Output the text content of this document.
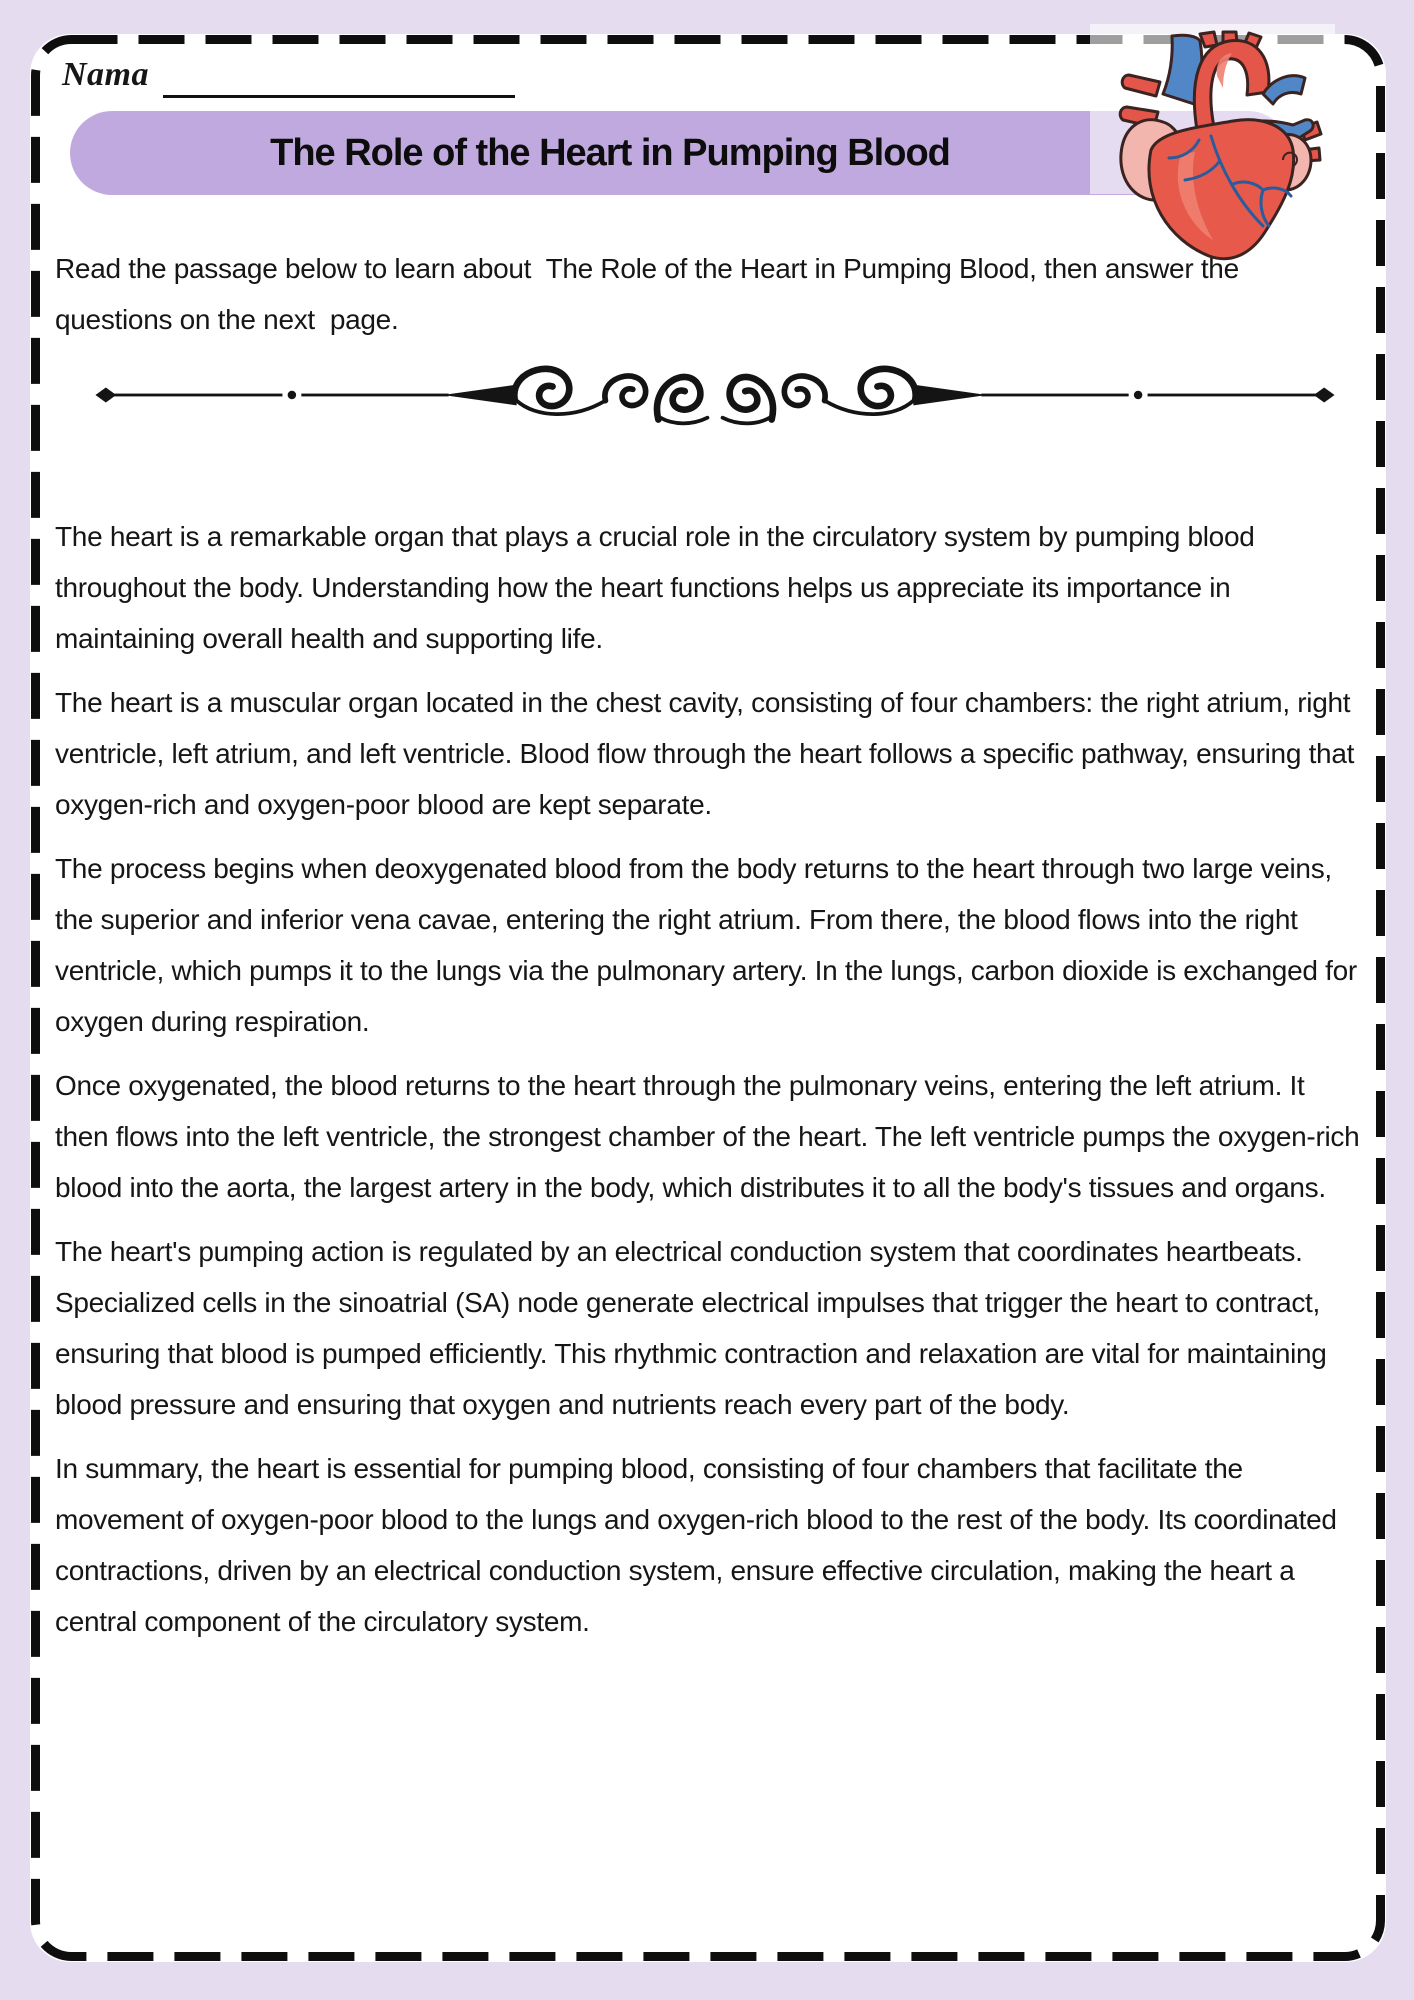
Nama
The Role of the Heart in Pumping Blood

Read the passage below to learn about  The Role of the Heart in Pumping Blood, then answer the questions on the next  page.

The heart is a remarkable organ that plays a crucial role in the circulatory system by pumping blood throughout the body. Understanding how the heart functions helps us appreciate its importance in maintaining overall health and supporting life.

The heart is a muscular organ located in the chest cavity, consisting of four chambers: the right atrium, right ventricle, left atrium, and left ventricle. Blood flow through the heart follows a specific pathway, ensuring that oxygen-rich and oxygen-poor blood are kept separate.

The process begins when deoxygenated blood from the body returns to the heart through two large veins, the superior and inferior vena cavae, entering the right atrium. From there, the blood flows into the right ventricle, which pumps it to the lungs via the pulmonary artery. In the lungs, carbon dioxide is exchanged for oxygen during respiration.

Once oxygenated, the blood returns to the heart through the pulmonary veins, entering the left atrium. It then flows into the left ventricle, the strongest chamber of the heart. The left ventricle pumps the oxygen-rich blood into the aorta, the largest artery in the body, which distributes it to all the body's tissues and organs.

The heart's pumping action is regulated by an electrical conduction system that coordinates heartbeats. Specialized cells in the sinoatrial (SA) node generate electrical impulses that trigger the heart to contract, ensuring that blood is pumped efficiently. This rhythmic contraction and relaxation are vital for maintaining blood pressure and ensuring that oxygen and nutrients reach every part of the body.

In summary, the heart is essential for pumping blood, consisting of four chambers that facilitate the movement of oxygen-poor blood to the lungs and oxygen-rich blood to the rest of the body. Its coordinated contractions, driven by an electrical conduction system, ensure effective circulation, making the heart a central component of the circulatory system.
